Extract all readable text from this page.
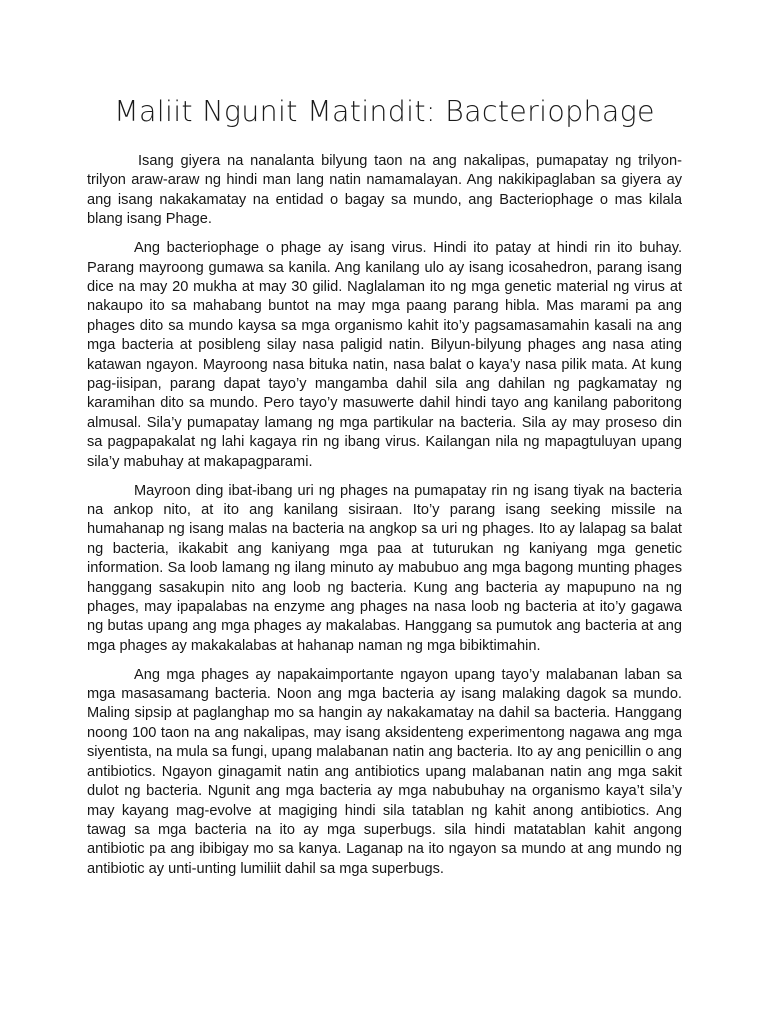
Maliit Ngunit Matindit: Bacteriophage

Isang giyera na nanalanta bilyung taon na ang nakalipas, pumapatay ng trilyon-trilyon araw-araw ng hindi man lang natin namamalayan. Ang nakikipaglaban sa giyera ay ang isang nakakamatay na entidad o bagay sa mundo, ang Bacteriophage o mas kilala blang isang Phage.

Ang bacteriophage o phage ay isang virus. Hindi ito patay at hindi rin ito buhay. Parang mayroong gumawa sa kanila. Ang kanilang ulo ay isang icosahedron, parang isang dice na may 20 mukha at may 30 gilid. Naglalaman ito ng mga genetic material ng virus at nakaupo ito sa mahabang buntot na may mga paang parang hibla. Mas marami pa ang phages dito sa mundo kaysa sa mga organismo kahit ito’y pagsamasamahin kasali na ang mga bacteria at posibleng silay nasa paligid natin. Bilyun-bilyung phages ang nasa ating katawan ngayon. Mayroong nasa bituka natin, nasa balat o kaya’y nasa pilik mata. At kung pag-iisipan, parang dapat tayo’y mangamba dahil sila ang dahilan ng pagkamatay ng karamihan dito sa mundo. Pero tayo’y masuwerte dahil hindi tayo ang kanilang paboritong almusal. Sila’y pumapatay lamang ng mga partikular na bacteria. Sila ay may proseso din sa pagpapakalat ng lahi kagaya rin ng ibang virus. Kailangan nila ng mapagtuluyan upang sila’y mabuhay at makapagparami.

Mayroon ding ibat-ibang uri ng phages na pumapatay rin ng isang tiyak na bacteria na ankop nito, at ito ang kanilang sisiraan. Ito’y parang isang seeking missile na humahanap ng isang malas na bacteria na angkop sa uri ng phages. Ito ay lalapag sa balat ng bacteria, ikakabit ang kaniyang mga paa at tuturukan ng kaniyang mga genetic information. Sa loob lamang ng ilang minuto ay mabubuo ang mga bagong munting phages hanggang sasakupin nito ang loob ng bacteria. Kung ang bacteria ay mapupuno na ng phages, may ipapalabas na enzyme ang phages na nasa loob ng bacteria at ito’y gagawa ng butas upang ang mga phages ay makalabas. Hanggang sa pumutok ang bacteria at ang mga phages ay makakalabas at hahanap naman ng mga bibiktimahin.

Ang mga phages ay napakaimportante ngayon upang tayo’y malabanan laban sa mga masasamang bacteria. Noon ang mga bacteria ay isang malaking dagok sa mundo. Maling sipsip at paglanghap mo sa hangin ay nakakamatay na dahil sa bacteria. Hanggang noong 100 taon na ang nakalipas, may isang aksidenteng experimentong nagawa ang mga siyentista, na mula sa fungi, upang malabanan natin ang bacteria. Ito ay ang penicillin o ang antibiotics. Ngayon ginagamit natin ang antibiotics upang malabanan natin ang mga sakit dulot ng bacteria. Ngunit ang mga bacteria ay mga nabubuhay na organismo kaya’t sila’y may kayang mag-evolve at magiging hindi sila tatablan ng kahit anong antibiotics. Ang tawag sa mga bacteria na ito ay mga superbugs. sila hindi matatablan kahit angong antibiotic pa ang ibibigay mo sa kanya. Laganap na ito ngayon sa mundo at ang mundo ng antibiotic ay unti-unting lumiliit dahil sa mga superbugs.
